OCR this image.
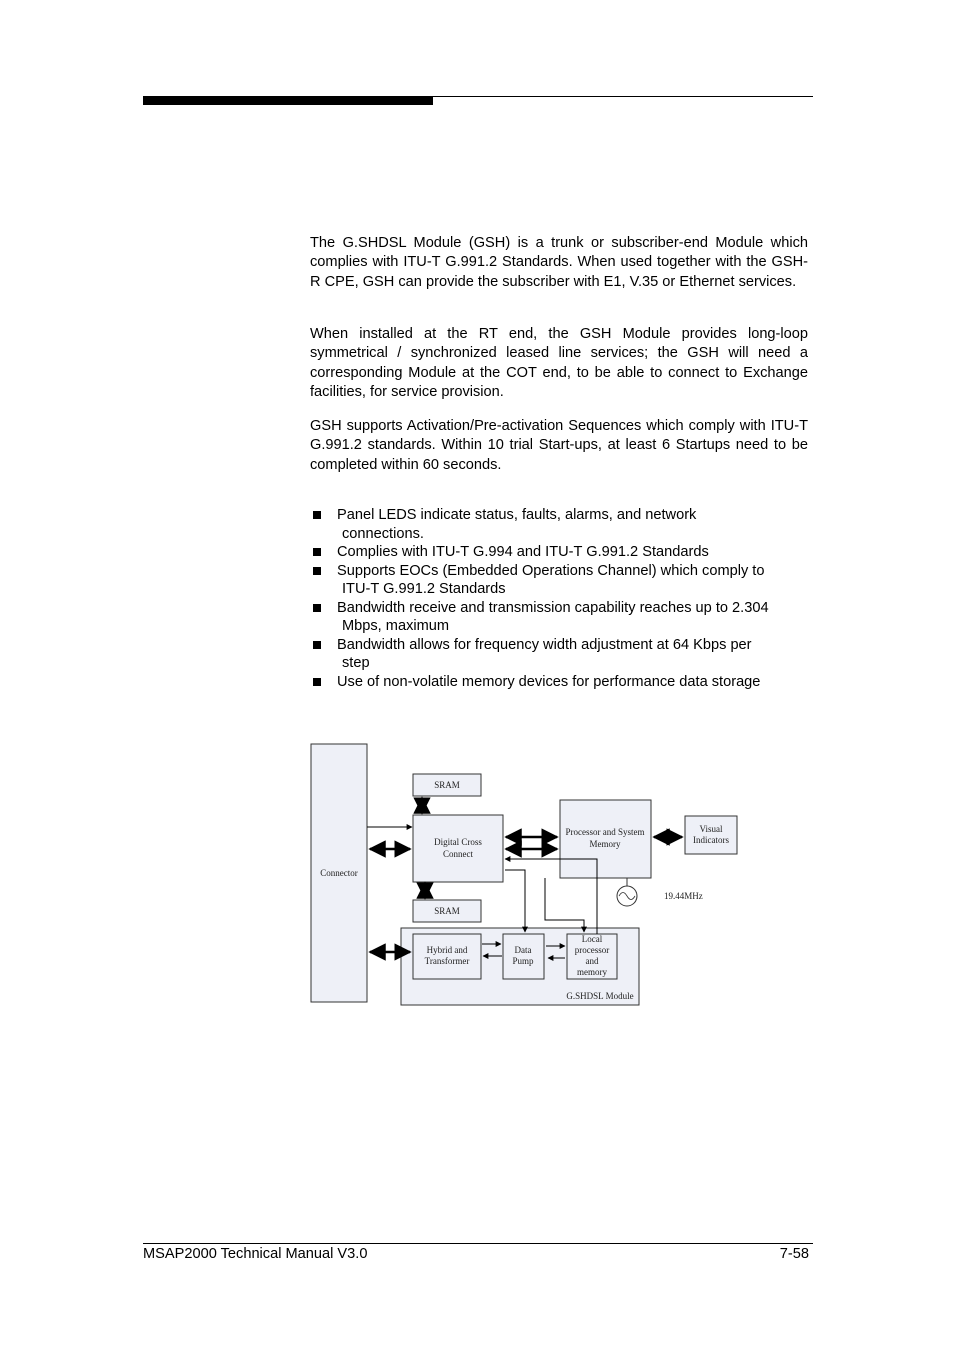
The G.SHDSL Module (GSH) is a trunk or subscriber-end Module which complies with ITU-T G.991.2 Standards. When used together with the GSH-R CPE, GSH can provide the subscriber with E1, V.35 or Ethernet services.

When installed at the RT end, the GSH Module provides long-loop symmetrical / synchronized leased line services; the GSH will need a corresponding Module at the COT end, to be able to connect to Exchange facilities, for service provision.

GSH supports Activation/Pre-activation Sequences which comply with ITU-T G.991.2 standards. Within 10 trial Start-ups, at least 6 Startups need to be completed within 60 seconds.

Panel LEDS indicate status, faults, alarms, and network
connections.
Complies with ITU-T G.994 and ITU-T G.991.2 Standards
Supports EOCs (Embedded Operations Channel) which comply to
ITU-T G.991.2 Standards
Bandwidth receive and transmission capability reaches up to 2.304
Mbps, maximum
Bandwidth allows for frequency width adjustment at 64 Kbps per
step
Use of non-volatile memory devices for performance data storage
Connector
SRAM
Digital Cross
Connect
SRAM
Processor and System
Memory
Visual
Indicators
19.44MHz
G.SHDSL Module
Hybrid and
Transformer
Data
Pump
Local
processor
and
memory
MSAP2000 Technical Manual V3.0	7-58
